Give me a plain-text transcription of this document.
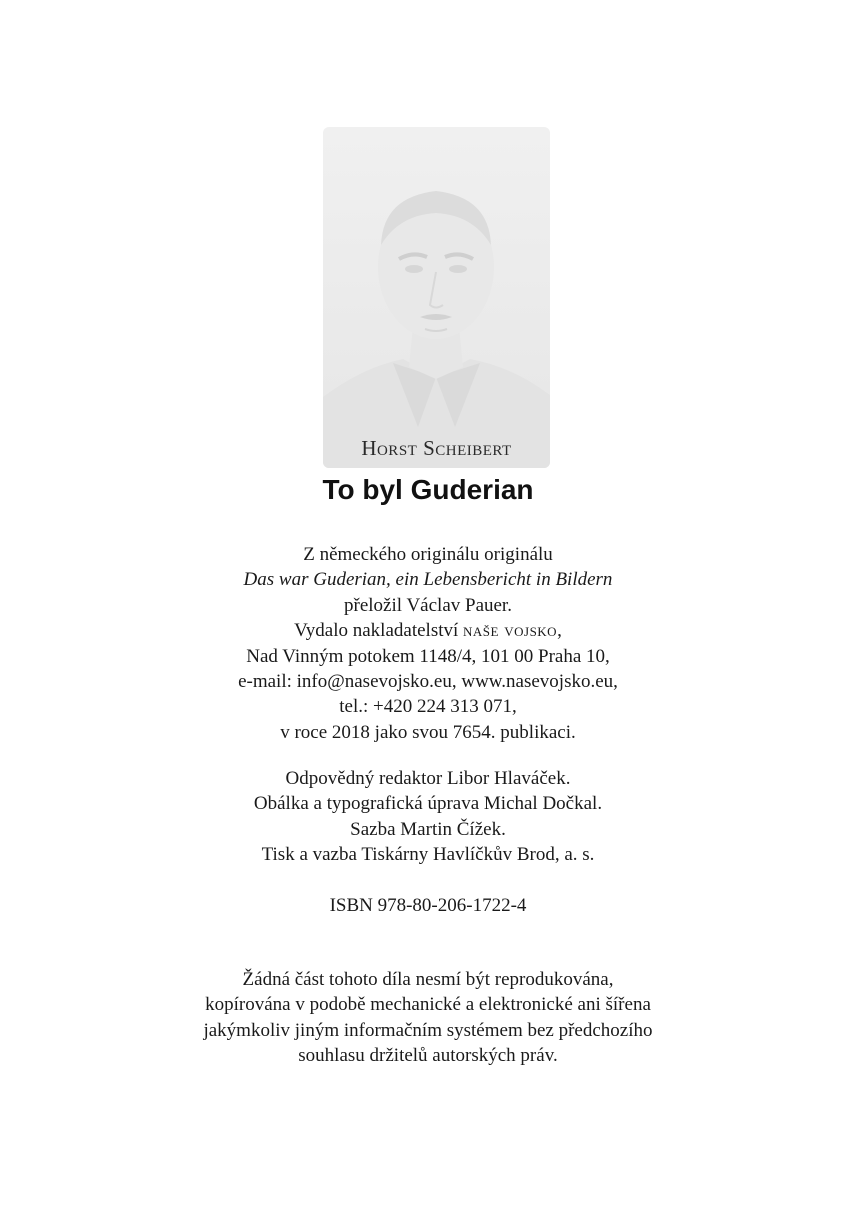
Horst Scheibert
To byl Guderian

Z německého originálu originálu

Das war Guderian, ein Lebensbericht in Bildern

přeložil Václav Pauer.

Vydalo nakladatelství naše vojsko,

Nad Vinným potokem 1148/4, 101 00 Praha 10,

e-mail: info@nasevojsko.eu, www.nasevojsko.eu,

tel.: +420 224 313 071,

v roce 2018 jako svou 7654. publikaci.

Odpovědný redaktor Libor Hlaváček.

Obálka a typografická úprava Michal Dočkal.

Sazba Martin Čížek.

Tisk a vazba Tiskárny Havlíčkův Brod, a. s.

ISBN 978-80-206-1722-4

Žádná část tohoto díla nesmí být reprodukována,

kopírována v podobě mechanické a elektronické ani šířena

jakýmkoliv jiným informačním systémem bez předchozího

souhlasu držitelů autorských práv.
